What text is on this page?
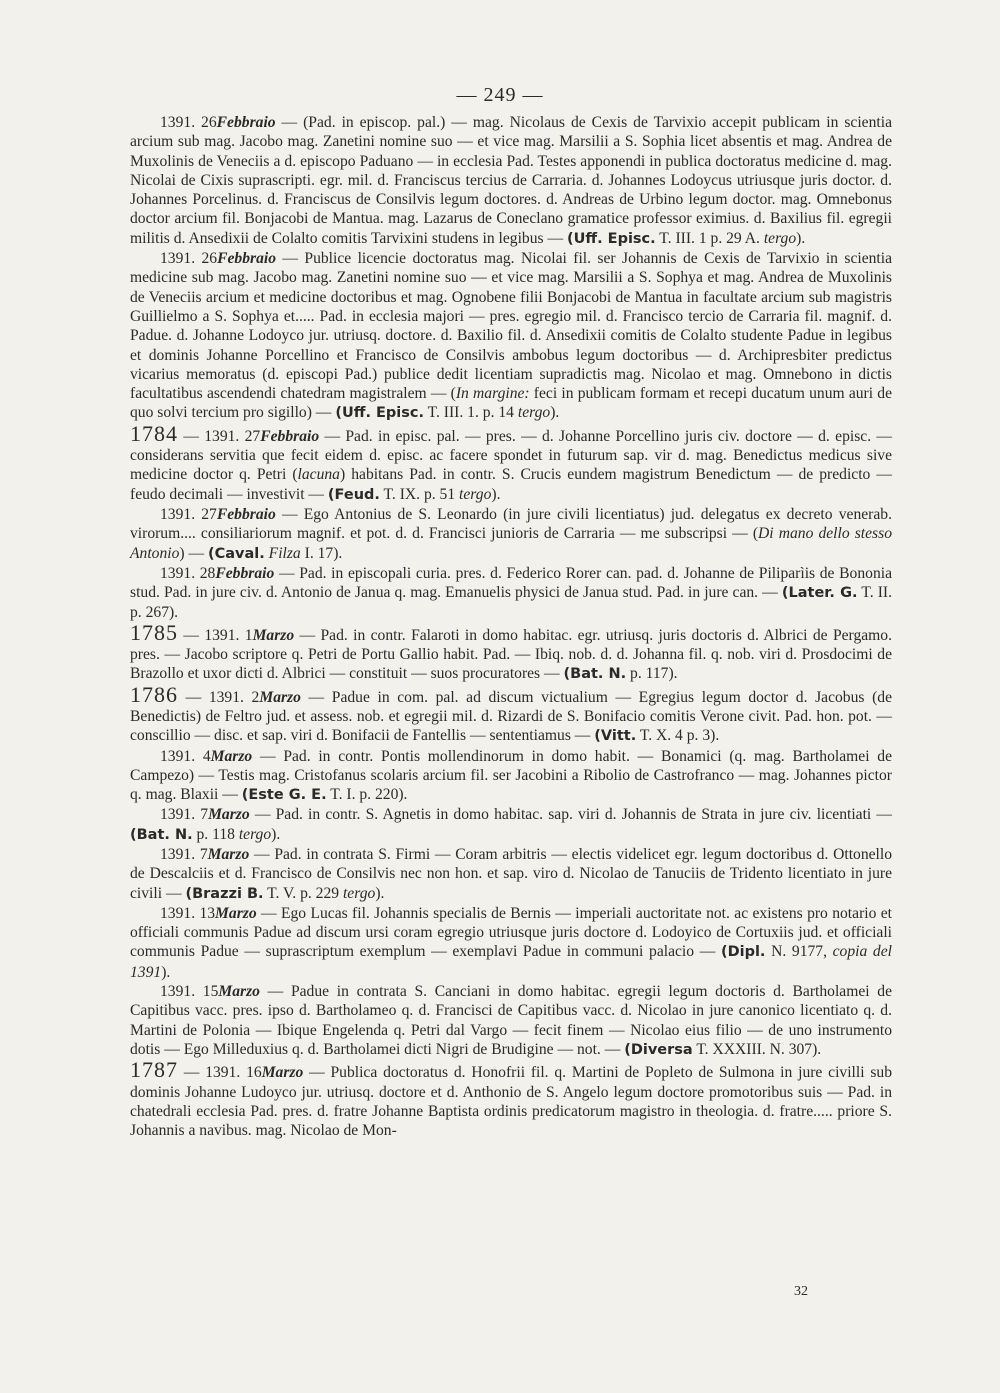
— 249 —

1391. 26Febbraio — (Pad. in episcop. pal.) — mag. Nicolaus de Cexis de Tarvixio accepit publicam in scientia arcium sub mag. Jacobo mag. Zanetini nomine suo — et vice mag. Marsilii a S. Sophia licet absentis et mag. Andrea de Muxolinis de Veneciis a d. episcopo Paduano — in ecclesia Pad. Testes apponendi in publica doctoratus medicine d. mag. Nicolai de Cixis suprascripti. egr. mil. d. Franciscus tercius de Carraria. d. Johannes Lodoycus utriusque juris doctor. d. Johannes Porcelinus. d. Franciscus de Consilvis legum doctores. d. Andreas de Urbino legum doctor. mag. Omnebonus doctor arcium fil. Bonjacobi de Mantua. mag. Lazarus de Coneclano gramatice professor eximius. d. Baxilius fil. egregii militis d. Ansedixii de Colalto comitis Tarvixini studens in legibus — (Uff. Episc. T. III. 1 p. 29 A. tergo).

1391. 26Febbraio — Publice licencie doctoratus mag. Nicolai fil. ser Johannis de Cexis de Tarvixio in scientia medicine sub mag. Jacobo mag. Zanetini nomine suo — et vice mag. Marsilii a S. Sophya et mag. Andrea de Muxolinis de Veneciis arcium et medicine doctoribus et mag. Ognobene filii Bonjacobi de Mantua in facultate arcium sub magistris Guillielmo a S. Sophya et..... Pad. in ecclesia majori — pres. egregio mil. d. Francisco tercio de Carraria fil. magnif. d. Padue. d. Johanne Lodoyco jur. utriusq. doctore. d. Baxilio fil. d. Ansedixii comitis de Colalto studente Padue in legibus et dominis Johanne Porcellino et Francisco de Consilvis ambobus legum doctoribus — d. Archipresbiter predictus vicarius memoratus (d. episcopi Pad.) publice dedit licentiam supradictis mag. Nicolao et mag. Omnebono in dictis facultatibus ascendendi chatedram magistralem — (In margine: feci in publicam formam et recepi ducatum unum auri de quo solvi tercium pro sigillo) — (Uff. Episc. T. III. 1. p. 14 tergo).

1784 — 1391. 27Febbraio — Pad. in episc. pal. — pres. — d. Johanne Porcellino juris civ. doctore — d. episc. — considerans servitia que fecit eidem d. episc. ac facere spondet in futurum sap. vir d. mag. Benedictus medicus sive medicine doctor q. Petri (lacuna) habitans Pad. in contr. S. Crucis eundem magistrum Benedictum — de predicto — feudo decimali — investivit — (Feud. T. IX. p. 51 tergo).

1391. 27Febbraio — Ego Antonius de S. Leonardo (in jure civili licentiatus) jud. delegatus ex decreto venerab. virorum.... consiliariorum magnif. et pot. d. d. Francisci junioris de Carraria — me subscripsi — (Di mano dello stesso Antonio) — (Caval. Filza I. 17).

1391. 28Febbraio — Pad. in episcopali curia. pres. d. Federico Rorer can. pad. d. Johanne de Piliparìis de Bononia stud. Pad. in jure civ. d. Antonio de Janua q. mag. Emanuelis physici de Janua stud. Pad. in jure can. — (Later. G. T. II. p. 267).

1785 — 1391. 1Marzo — Pad. in contr. Falaroti in domo habitac. egr. utriusq. juris doctoris d. Albrici de Pergamo. pres. — Jacobo scriptore q. Petri de Portu Gallio habit. Pad. — Ibiq. nob. d. d. Johanna fil. q. nob. viri d. Prosdocimi de Brazollo et uxor dicti d. Albrici — constituit — suos procuratores — (Bat. N. p. 117).

1786 — 1391. 2Marzo — Padue in com. pal. ad discum victualium — Egregius legum doctor d. Jacobus (de Benedictis) de Feltro jud. et assess. nob. et egregii mil. d. Rizardi de S. Bonifacio comitis Verone civit. Pad. hon. pot. — conscillio — disc. et sap. viri d. Bonifacii de Fantellis — sententiamus — (Vitt. T. X. 4 p. 3).

1391. 4Marzo — Pad. in contr. Pontis mollendinorum in domo habit. — Bonamici (q. mag. Bartholamei de Campezo) — Testis mag. Cristofanus scolaris arcium fil. ser Jacobini a Ribolio de Castrofranco — mag. Johannes pictor q. mag. Blaxii — (Este G. E. T. I. p. 220).

1391. 7Marzo — Pad. in contr. S. Agnetis in domo habitac. sap. viri d. Johannis de Strata in jure civ. licentiati — (Bat. N. p. 118 tergo).

1391. 7Marzo — Pad. in contrata S. Firmi — Coram arbitris — electis videlicet egr. legum doctoribus d. Ottonello de Descalciis et d. Francisco de Consilvis nec non hon. et sap. viro d. Nicolao de Tanuciis de Tridento licentiato in jure civili — (Brazzi B. T. V. p. 229 tergo).

1391. 13Marzo — Ego Lucas fil. Johannis specialis de Bernis — imperiali auctoritate not. ac existens pro notario et officiali communis Padue ad discum ursi coram egregio utriusque juris doctore d. Lodoyico de Cortuxiis jud. et officiali communis Padue — suprascriptum exemplum — exemplavi Padue in communi palacio — (Dipl. N. 9177, copia del 1391).

1391. 15Marzo — Padue in contrata S. Canciani in domo habitac. egregii legum doctoris d. Bartholamei de Capitibus vacc. pres. ipso d. Bartholameo q. d. Francisci de Capitibus vacc. d. Nicolao in jure canonico licentiato q. d. Martini de Polonia — Ibique Engelenda q. Petri dal Vargo — fecit finem — Nicolao eius filio — de uno instrumento dotis — Ego Milleduxius q. d. Bartholamei dicti Nigri de Brudigine — not. — (Diversa T. XXXIII. N. 307).

1787 — 1391. 16Marzo — Publica doctoratus d. Honofrii fil. q. Martini de Popleto de Sulmona in jure civilli sub dominis Johanne Ludoyco jur. utriusq. doctore et d. Anthonio de S. Angelo legum doctore promotoribus suis — Pad. in chatedrali ecclesia Pad. pres. d. fratre Johanne Baptista ordinis predicatorum magistro in theologia. d. fratre..... priore S. Johannis a navibus. mag. Nicolao de Mon-

32
